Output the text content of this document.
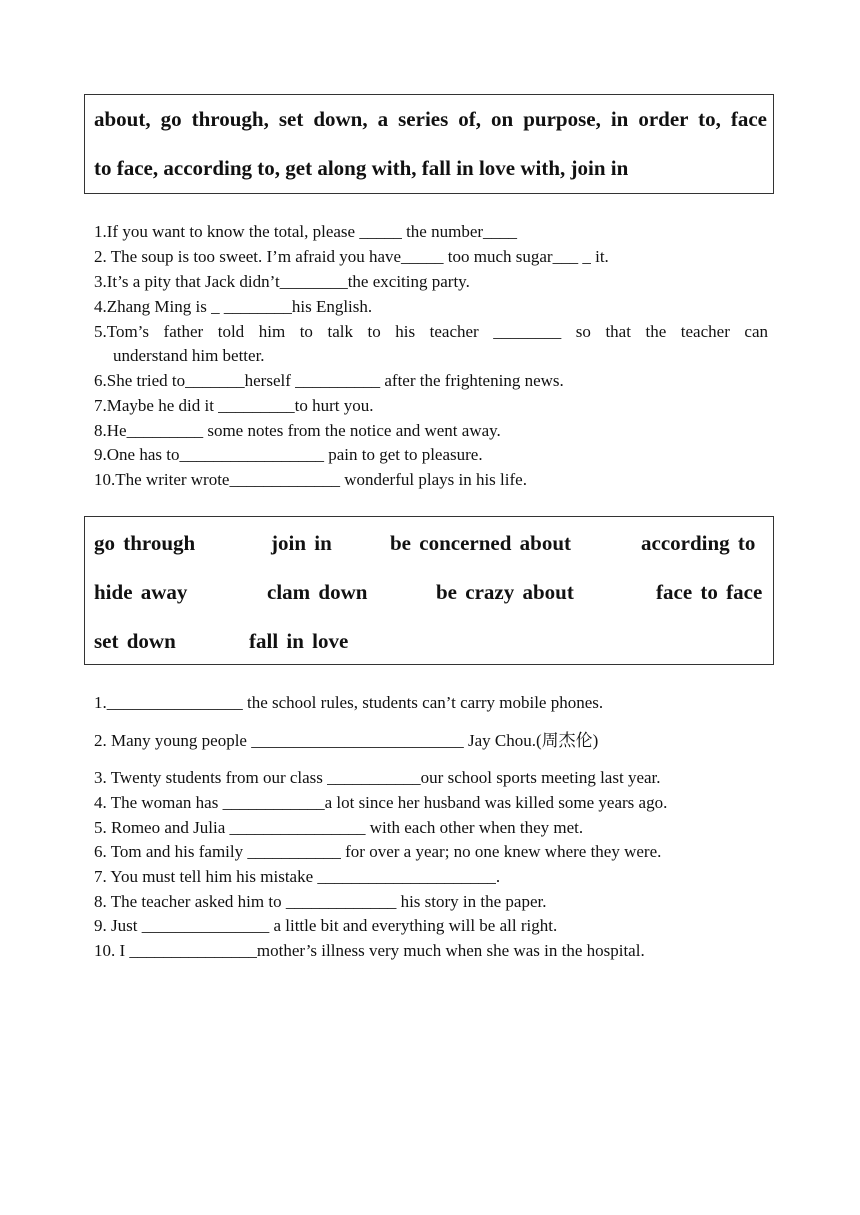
about, go through, set down, a series of, on purpose, in order to, face
to face, according to, get along with, fall in love with, join in
1.If you want to know the total, please _____ the number____
2. The soup is too sweet. I’m afraid you have_____ too much sugar___ _ it.
3.It’s a pity that Jack didn’t________the exciting party.
4.Zhang Ming is _ ________his English.
5.Tom’s father told him to talk to his teacher ________ so that the teacher can
understand him better.
6.She tried to_______herself __________ after the frightening news.
7.Maybe he did it _________to hurt you.
8.He_________ some notes from the notice and went away.
9.One has to_________________ pain to get to pleasure.
10.The writer wrote_____________ wonderful plays in his life.
go through	join in	be concerned about	according to
hide away	clam down	be crazy about	face to face
set down	fall in love
1.________________ the school rules, students can’t carry mobile phones.
2. Many young people _________________________ Jay Chou.(周杰伦)
3. Twenty students from our class ___________our school sports meeting last year.
4. The woman has ____________a lot since her husband was killed some years ago.
5. Romeo and Julia ________________ with each other when they met.
6. Tom and his family ___________ for over a year; no one knew where they were.
7. You must tell him his mistake _____________________.
8. The teacher asked him to _____________ his story in the paper.
9. Just _______________ a little bit and everything will be all right.
10. I _______________mother’s illness very much when she was in the hospital.
